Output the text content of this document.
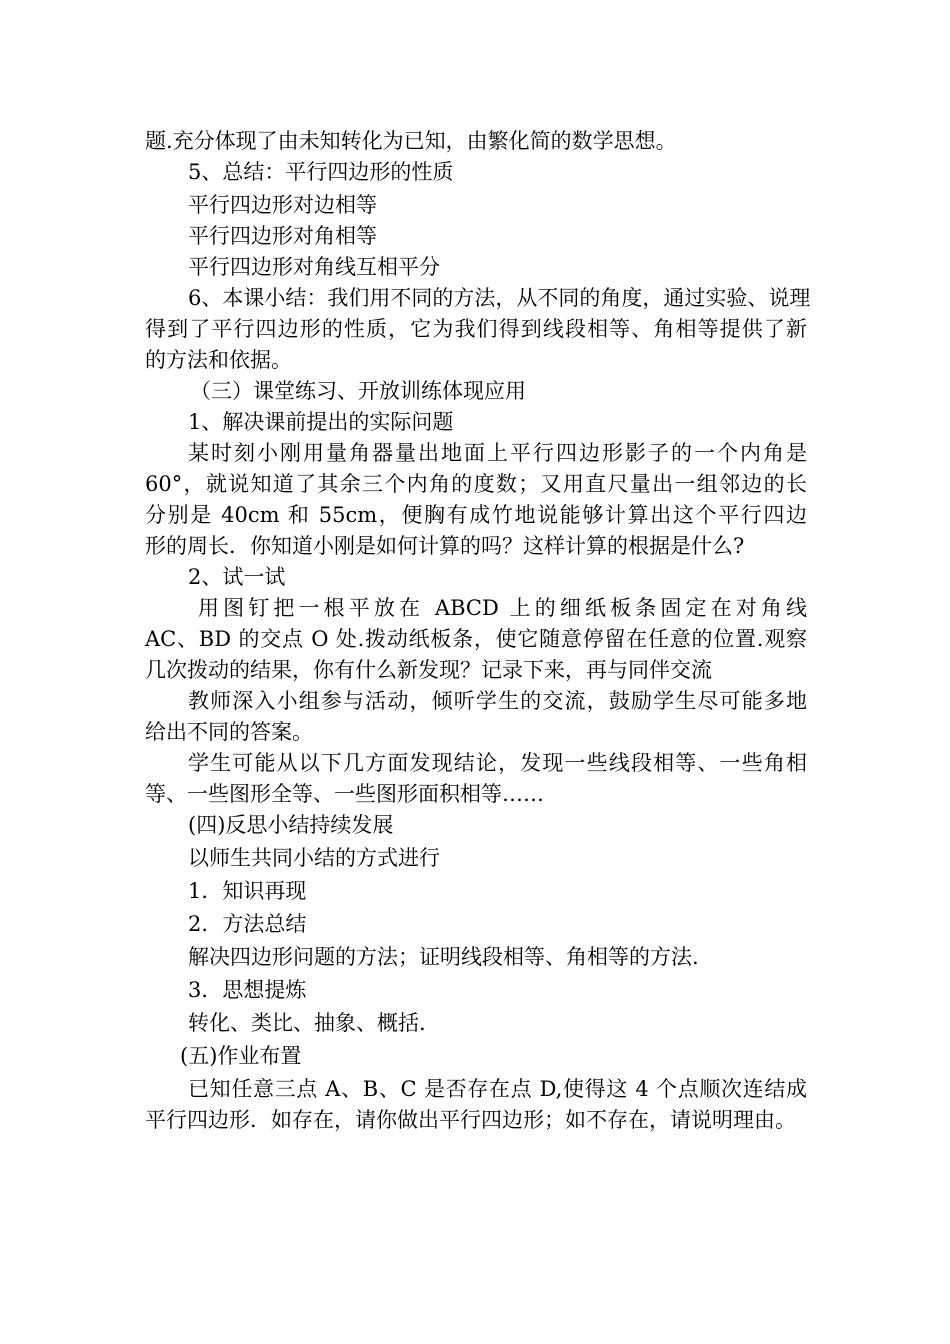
题.充分体现了由未知转化为已知，由繁化简的数学思想。
5、总结：平行四边形的性质
平行四边形对边相等
平行四边形对角相等
平行四边形对角线互相平分
6、本课小结：我们用不同的方法，从不同的角度，通过实验、说理
得到了平行四边形的性质，它为我们得到线段相等、角相等提供了新
的方法和依据。
（三）课堂练习、开放训练体现应用
1、解决课前提出的实际问题
某时刻小刚用量角器量出地面上平行四边形影子的一个内角是
60°，就说知道了其余三个内角的度数；又用直尺量出一组邻边的长
分别是 40cm 和 55cm，便胸有成竹地说能够计算出这个平行四边
形的周长．你知道小刚是如何计算的吗？这样计算的根据是什么?
2、试一试
用图钉把一根平放在 ABCD 上的细纸板条固定在对角线
AC、BD 的交点 O 处.拨动纸板条，使它随意停留在任意的位置.观察
几次拨动的结果，你有什么新发现？记录下来，再与同伴交流
教师深入小组参与活动，倾听学生的交流，鼓励学生尽可能多地
给出不同的答案。
学生可能从以下几方面发现结论，发现一些线段相等、一些角相
等、一些图形全等、一些图形面积相等……
(四)反思小结持续发展
以师生共同小结的方式进行
1．知识再现
2．方法总结
解决四边形问题的方法；证明线段相等、角相等的方法.
3．思想提炼
转化、类比、抽象、概括.
(五)作业布置
已知任意三点 A、B、C 是否存在点 D,使得这 4 个点顺次连结成
平行四边形．如存在，请你做出平行四边形；如不存在，请说明理由。
